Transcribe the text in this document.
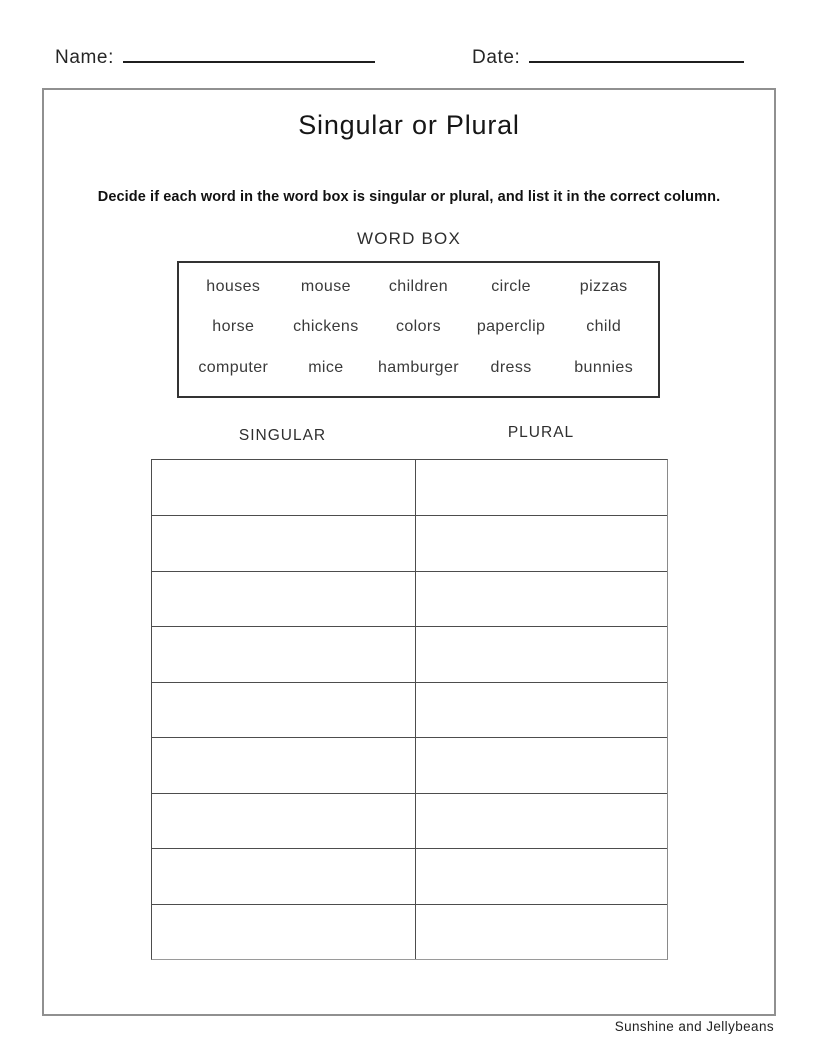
Name:	Date:
Singular or Plural
Decide if each word in the word box is singular or plural, and list it in the correct column.
WORD BOX
houses	mouse	children	circle	pizzas
horse	chickens	colors	paperclip	child
computer	mice	hamburger	dress	bunnies
SINGULAR	PLURAL
Sunshine and Jellybeans
